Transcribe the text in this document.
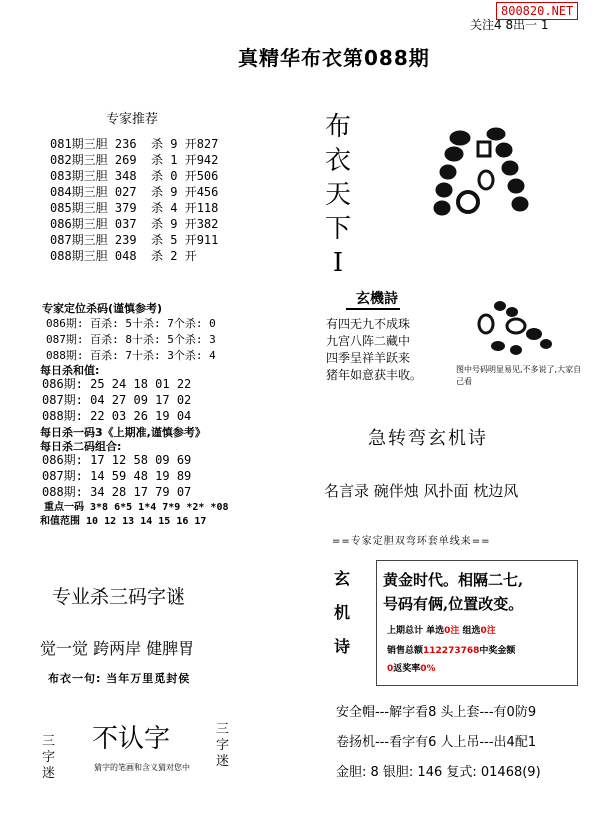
800820.NET
关注4 8出一 1
真精华布衣第088期
专家推荐
081期三胆 236  杀 9 开827
082期三胆 269  杀 1 开942
083期三胆 348  杀 0 开506
084期三胆 027  杀 9 开456
085期三胆 379  杀 4 开118
086期三胆 037  杀 9 开382
087期三胆 239  杀 5 开911
088期三胆 048  杀 2 开
专家定位杀码(谨慎参考)
086期: 百杀: 5十杀: 7个杀: 0
087期: 百杀: 8十杀: 5个杀: 3
088期: 百杀: 7十杀: 3个杀: 4
每日杀和值:
086期: 25 24 18 01 22
087期: 04 27 09 17 02
088期: 22 03 26 19 04
每日杀一码3《上期准,谨慎参考》
每日杀二码组合:
086期: 17 12 58 09 69
087期: 14 59 48 19 89
088期: 34 28 17 79 07
重点一码 3*8 6*5 1*4 7*9 *2* *08
和值范围 10 12 13 14 15 16 17
专业杀三码字谜
觉一觉 跨两岸 健脾胃
布衣一句: 当年万里觅封侯
三字迷
不认字	三字迷
猜字的笔画和含义猜对您中
布
衣
天
下
I
玄機詩
有四无九不成珠
九宫八阵二藏中
四季呈祥羊跃来
猪年如意获丰收。	图中号码明显易见,不多说了,大家自己看
急转弯玄机诗
名言录 碗伴烛 风扑面 枕边风
==专家定胆双弯环套单线来==
玄
机
诗
黄金时代。相隔二七,
号码有俩,位置改变。
上期总计 单选0注 组选0注
销售总额112273768中奖金额
0返奖率0%
安全帽---解字看8 头上套---有0防9
卷扬机---看字有6 人上吊---出4配1
金胆: 8 银胆: 146 复式: 01468(9)
